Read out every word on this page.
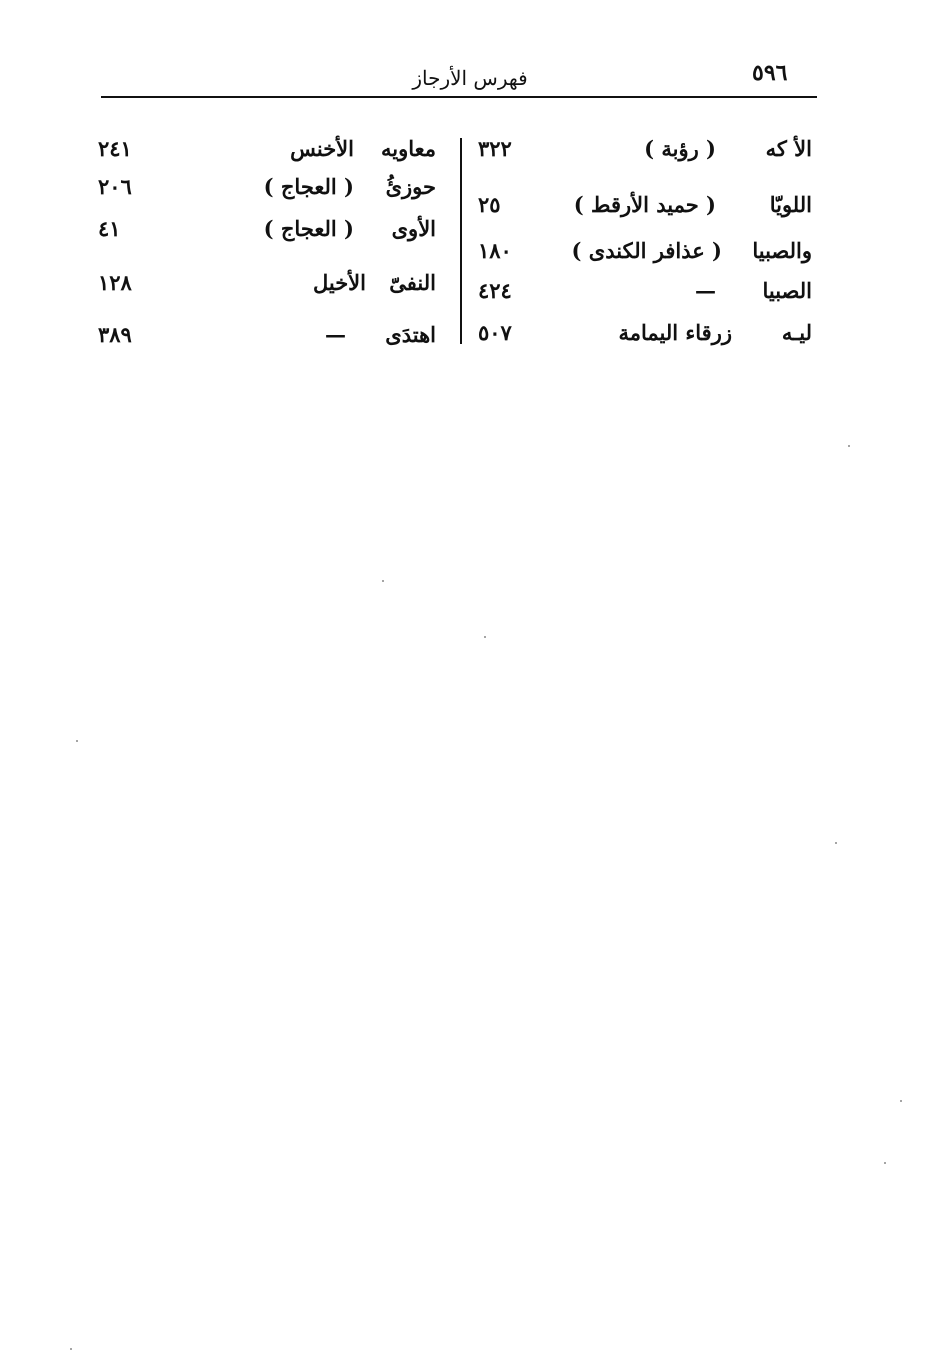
٥٩٦
فهرس الأرجاز
الأ كه
( رؤبة )
٣٢٢
اللويّا
( حميد الأرقط )
٢٥
والصبيا
( عذافر الكندى )
١٨٠
الصبيا
—
٤٢٤
ليـه
زرقاء اليمامة
٥٠٧
معاويه
الأخنس
٢٤١
حوزئُ
( العجاج )
٢٠٦
الأوى
( العجاج )
٤١
النفىّ
الأخيل
١٢٨
اهتدَى
—
٣٨٩
